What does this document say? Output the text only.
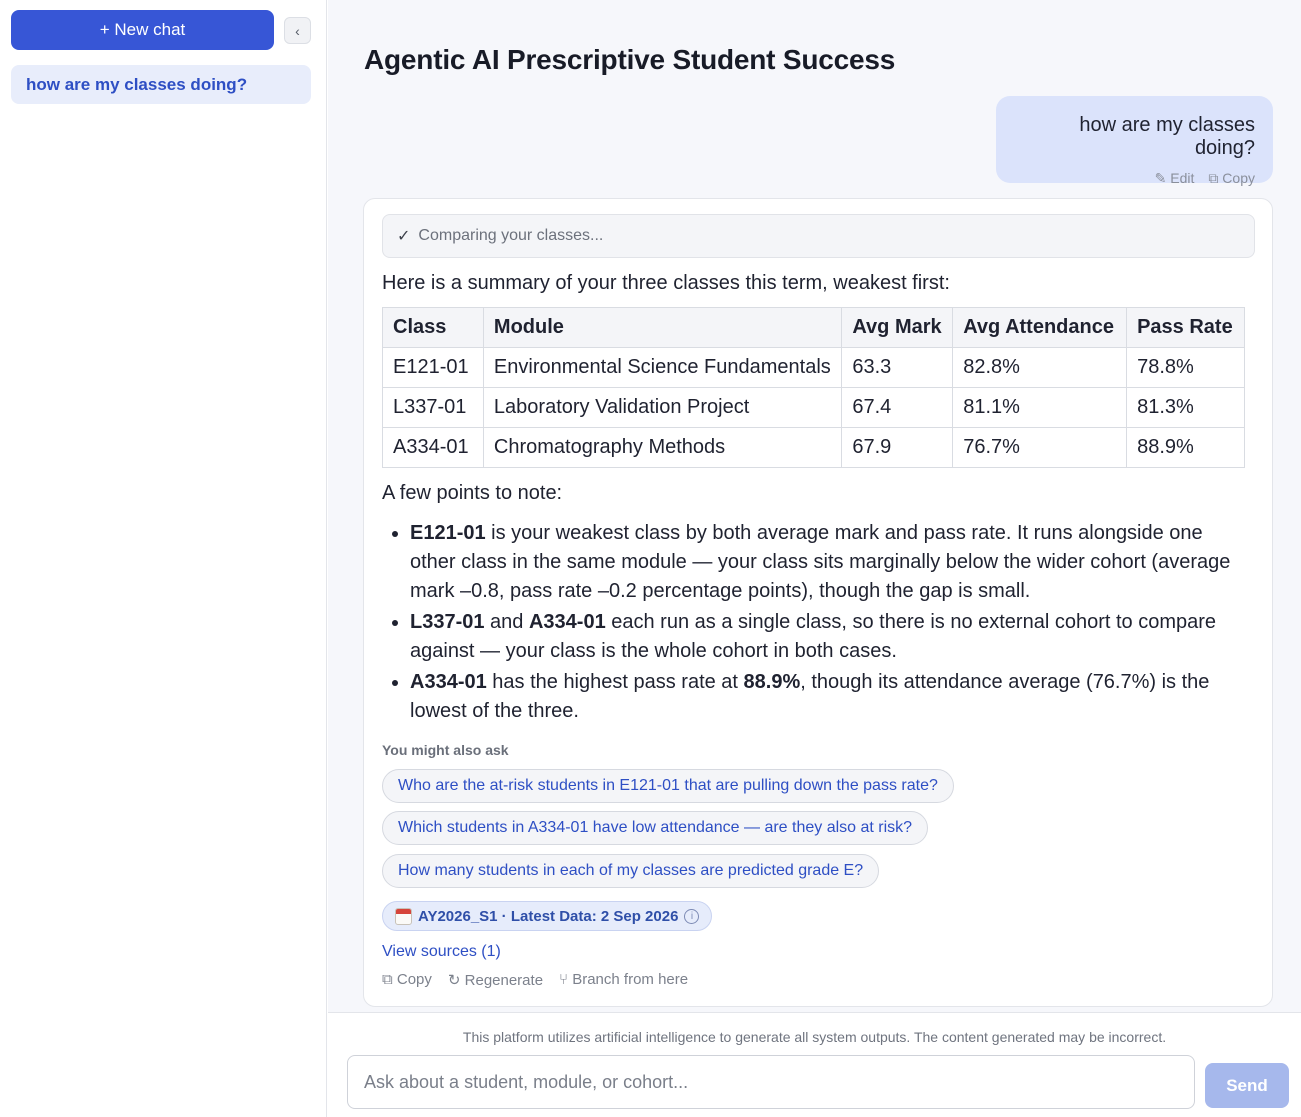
+ New chat	‹
how are my classes doing?
Agentic AI Prescriptive Student Success
how are my classes doing?
✎ Edit ⧉ Copy
✓ Comparing your classes...

Here is a summary of your three classes this term, weakest first:

Class	Module	Avg Mark	Avg Attendance	Pass Rate
E121-01	Environmental Science Fundamentals	63.3	82.8%	78.8%
L337-01	Laboratory Validation Project	67.4	81.1%	81.3%
A334-01	Chromatography Methods	67.9	76.7%	88.9%

A few points to note:

• E121-01 is your weakest class by both average mark and pass rate. It runs alongside one other class in the same module — your class sits marginally below the wider cohort (average mark –0.8, pass rate –0.2 percentage points), though the gap is small.
• L337-01 and A334-01 each run as a single class, so there is no external cohort to compare against — your class is the whole cohort in both cases.
• A334-01 has the highest pass rate at 88.9%, though its attendance average (76.7%) is the lowest of the three.
You might also ask
Who are the at-risk students in E121-01 that are pulling down the pass rate?
Which students in A334-01 have low attendance — are they also at risk?
How many students in each of my classes are predicted grade E?
AY2026_S1 · Latest Data: 2 Sep 2026	i
View sources (1)
⧉ Copy ↻ Regenerate ⑂ Branch from here

This platform utilizes artificial intelligence to generate all system outputs. The content generated may be incorrect.

Ask about a student, module, or cohort...
Send
